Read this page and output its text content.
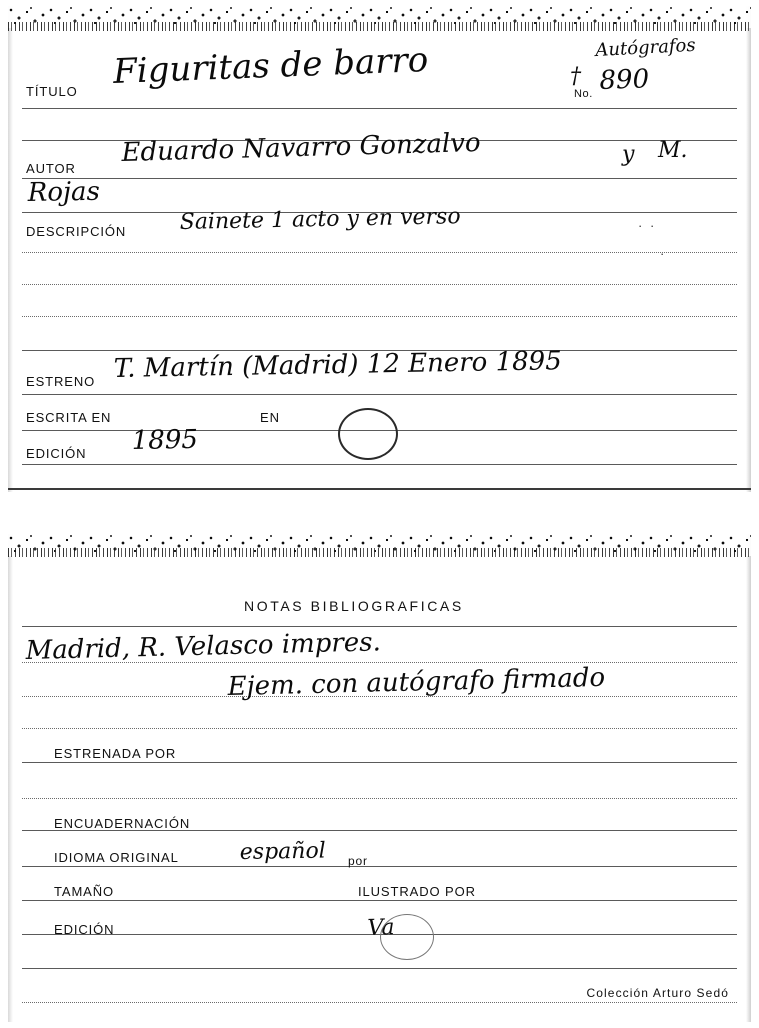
TÍTULO Figuritas de barro	Autógrafos
No. 890
†
AUTOR
Eduardo Navarro Gonzalvo	y M.
Rojas
DESCRIPCIÓN Sainete 1 acto y en verso	· ·
·
ESTRENO T. Martín (Madrid) 12 Enero 1895
ESCRITA EN	EN
EDICIÓN 1895
NOTAS BIBLIOGRAFICAS
Madrid, R. Velasco impres.
Ejem. con autógrafo firmado
ESTRENADA POR
ENCUADERNACIÓN
IDIOMA ORIGINAL	español por
TAMAÑO	ILUSTRADO POR
EDICIÓN	Va
Colección Arturo Sedó
